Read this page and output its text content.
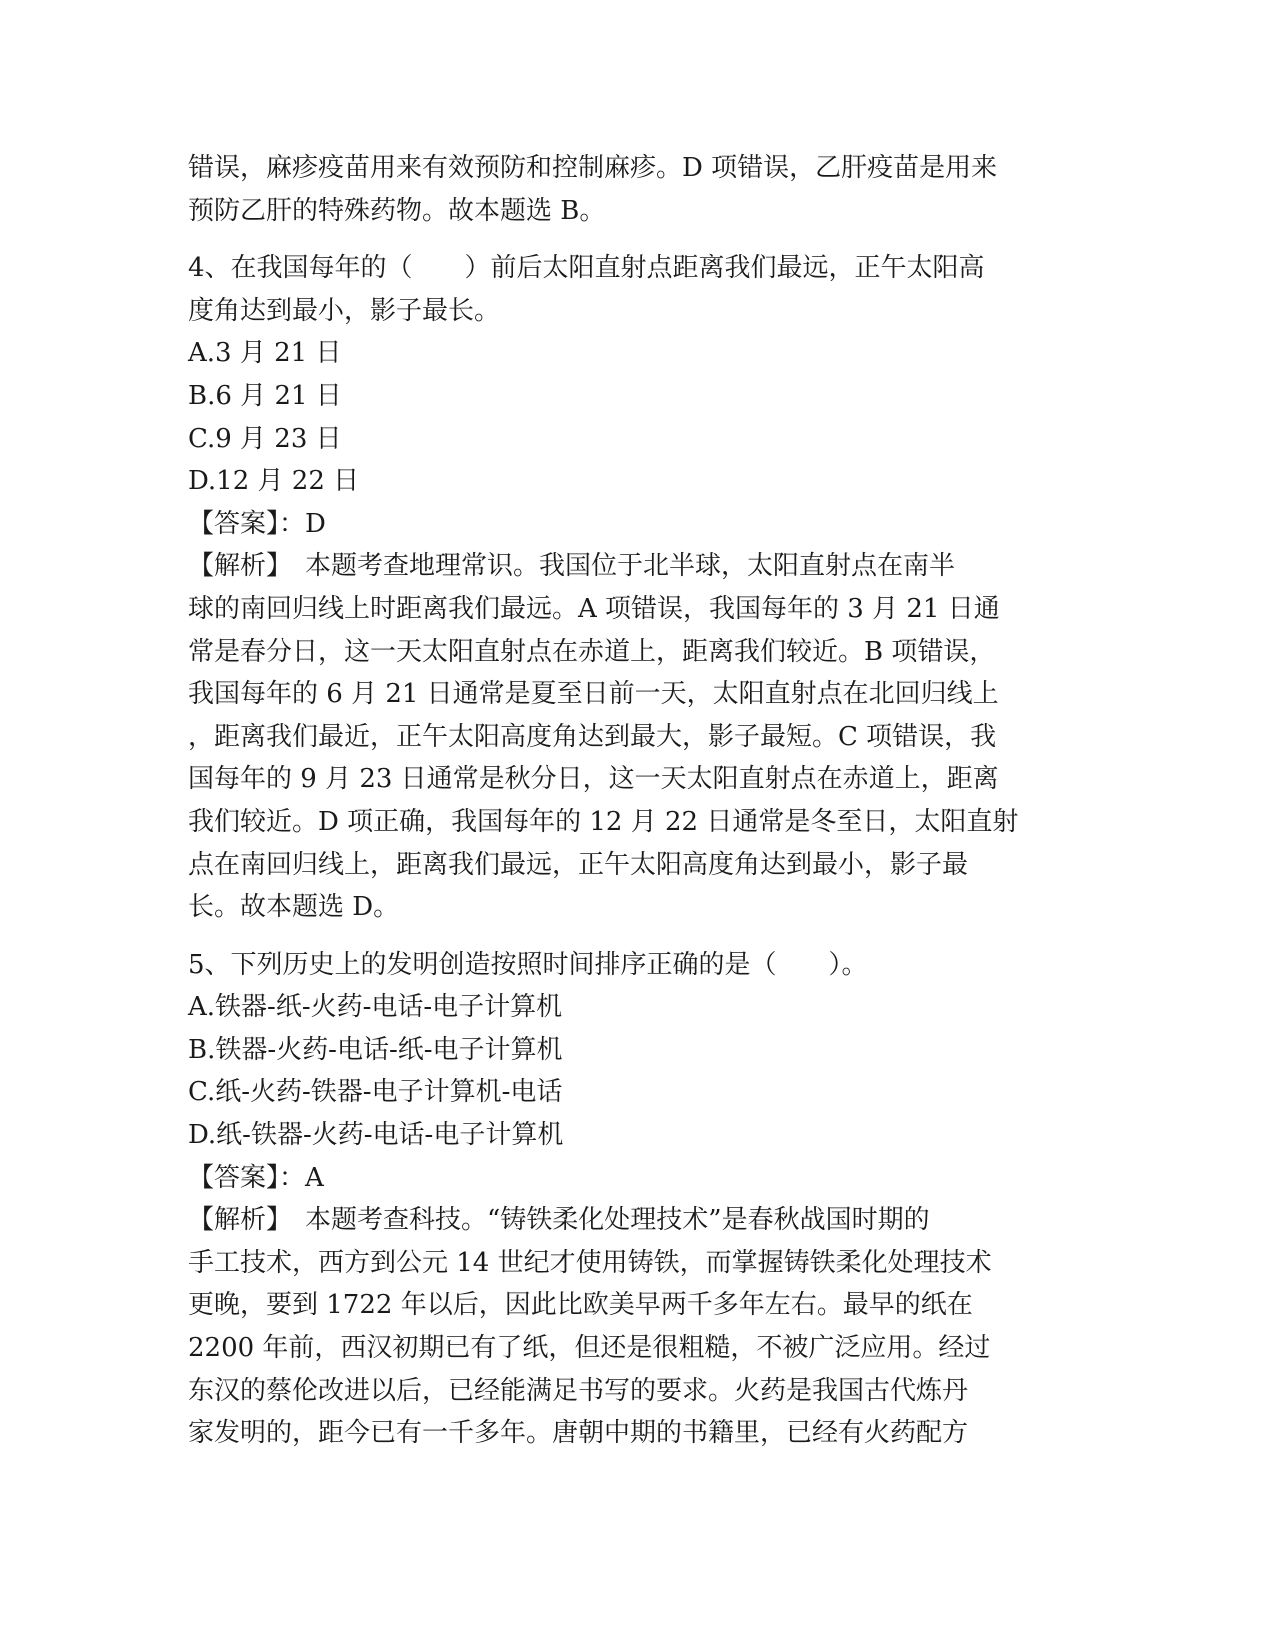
错误，麻疹疫苗用来有效预防和控制麻疹。D 项错误，乙肝疫苗是用来
预防乙肝的特殊药物。故本题选 B。
4、在我国每年的（　　）前后太阳直射点距离我们最远，正午太阳高
度角达到最小，影子最长。
A.3 月 21 日
B.6 月 21 日
C.9 月 23 日
D.12 月 22 日
【答案】：D
【解析】　本题考查地理常识。我国位于北半球，太阳直射点在南半
球的南回归线上时距离我们最远。A 项错误，我国每年的 3 月 21 日通
常是春分日，这一天太阳直射点在赤道上，距离我们较近。B 项错误，
我国每年的 6 月 21 日通常是夏至日前一天，太阳直射点在北回归线上
，距离我们最近，正午太阳高度角达到最大，影子最短。C 项错误，我
国每年的 9 月 23 日通常是秋分日，这一天太阳直射点在赤道上，距离
我们较近。D 项正确，我国每年的 12 月 22 日通常是冬至日，太阳直射
点在南回归线上，距离我们最远，正午太阳高度角达到最小，影子最
长。故本题选 D。
5、下列历史上的发明创造按照时间排序正确的是（　　）。
A.铁器-纸-火药-电话-电子计算机
B.铁器-火药-电话-纸-电子计算机
C.纸-火药-铁器-电子计算机-电话
D.纸-铁器-火药-电话-电子计算机
【答案】：A
【解析】　本题考查科技。“铸铁柔化处理技术”是春秋战国时期的
手工技术，西方到公元 14 世纪才使用铸铁，而掌握铸铁柔化处理技术
更晚，要到 1722 年以后，因此比欧美早两千多年左右。最早的纸在
2200 年前，西汉初期已有了纸，但还是很粗糙，不被广泛应用。经过
东汉的蔡伦改进以后，已经能满足书写的要求。火药是我国古代炼丹
家发明的，距今已有一千多年。唐朝中期的书籍里，已经有火药配方
